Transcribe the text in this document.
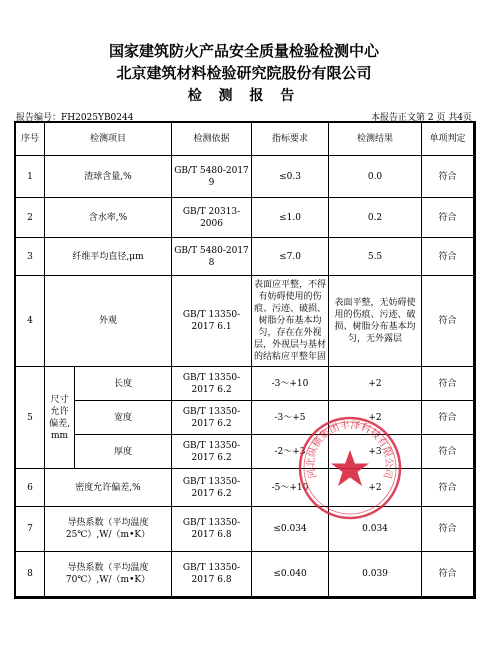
国家建筑防火产品安全质量检验检测中心
北京建筑材料检验研究院股份有限公司
检 测 报 告
报告编号：FH2025YB0244	本报告正文第 2 页 共4页
序号	检测项目		检测依据	指标要求	检测结果	单项判定
1	渣球含量,%		GB/T 5480-2017 9	≤0.3	0.0	符合
2	含水率,%		GB/T 20313-2006	≤1.0	0.2	符合
3	纤维平均直径,μm		GB/T 5480-2017 8	≤7.0	5.5	符合
4	外观		GB/T 13350-2017 6.1	表面应平整，不得有妨碍使用的伤痕、污迹、破损、树脂分布基本均匀，存在在外视层，外视层与基材的结粘应平整年固	表面平整，无妨碍使用的伤痕、污迹、破损、树脂分布基本均匀，无外露层	符合
5	尺寸允许偏差,mm	长度	GB/T 13350-2017 6.2	-3～+10	+2	符合
		宽度	GB/T 13350-2017 6.2	-3～+5	+2	符合
		厚度	GB/T 13350-2017 6.2	-2～+3	+3	符合
6	密度允许偏差,%		GB/T 13350-2017 6.2	-5～+10	+2	符合
7	导热系数（平均温度25℃）,W/（m•K）		GB/T 13350-2017 6.8	≤0.034	0.034	符合
8	导热系数（平均温度70℃）,W/（m•K）		GB/T 13350-2017 6.8	≤0.040	0.039	符合
河北纵横集团丰泽科技有限公司
